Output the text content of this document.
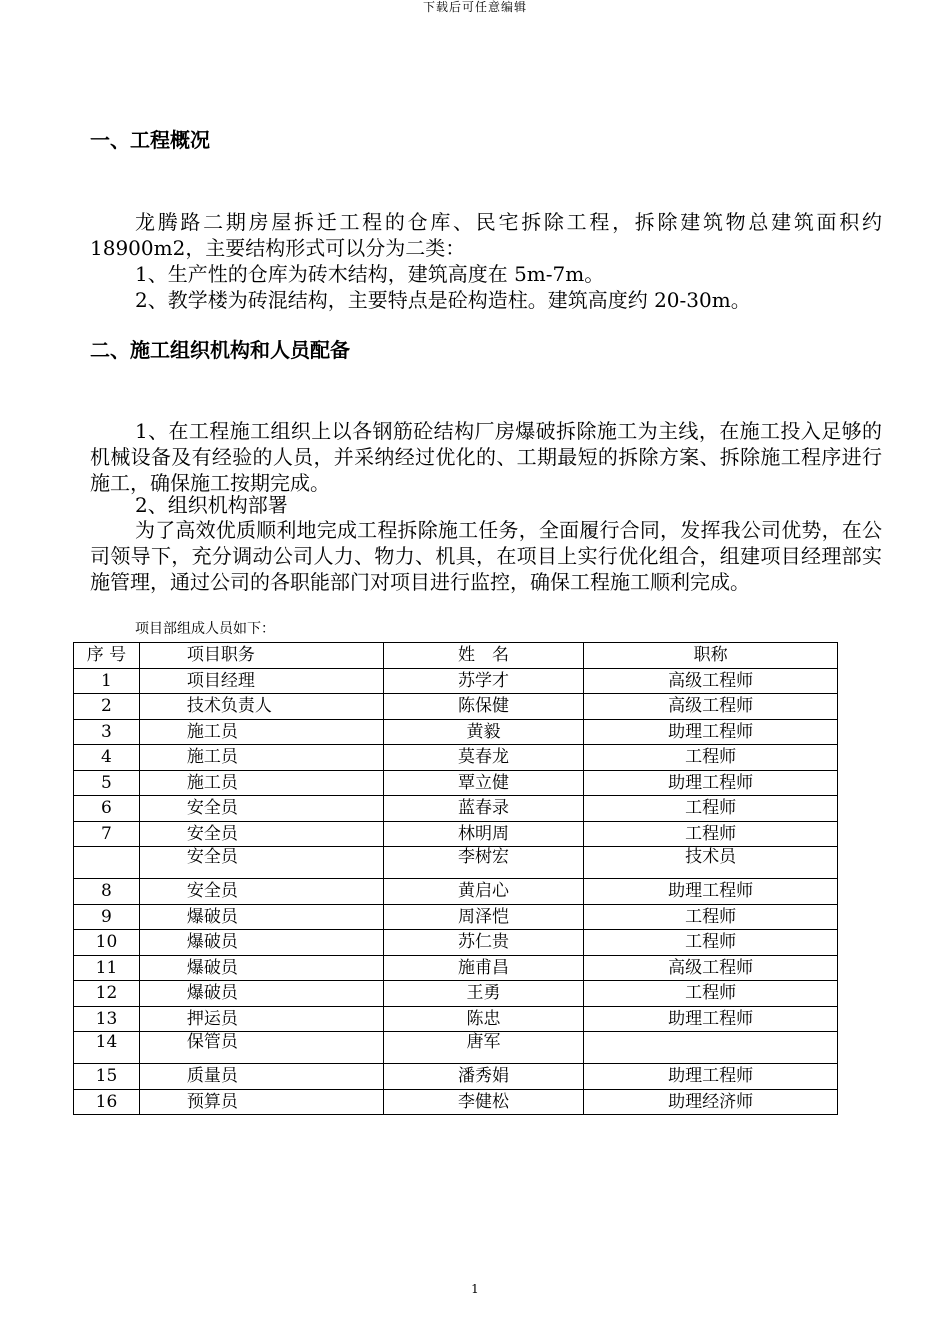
下载后可任意编辑
一、工程概况
龙腾路二期房屋拆迁工程的仓库、民宅拆除工程，拆除建筑物总建筑面积约18900m2，主要结构形式可以分为二类：
1、生产性的仓库为砖木结构，建筑高度在 5m-7m。
2、教学楼为砖混结构，主要特点是砼构造柱。建筑高度约 20-30m。
二、施工组织机构和人员配备
1、在工程施工组织上以各钢筋砼结构厂房爆破拆除施工为主线，在施工投入足够的机械设备及有经验的人员，并采纳经过优化的、工期最短的拆除方案、拆除施工程序进行施工，确保施工按期完成。
2、组织机构部署
为了高效优质顺利地完成工程拆除施工任务，全面履行合同，发挥我公司优势，在公司领导下，充分调动公司人力、物力、机具，在项目上实行优化组合，组建项目经理部实施管理，通过公司的各职能部门对项目进行监控，确保工程施工顺利完成。
项目部组成人员如下：
序 号	项目职务	姓　名	职称
1	项目经理	苏学才	高级工程师
2	技术负责人	陈保健	高级工程师
3	施工员	黄毅	助理工程师
4	施工员	莫春龙	工程师
5	施工员	覃立健	助理工程师
6	安全员	蓝春录	工程师
7	安全员	林明周	工程师
	安全员	李树宏	技术员
8	安全员	黄启心	助理工程师
9	爆破员	周泽恺	工程师
10	爆破员	苏仁贵	工程师
11	爆破员	施甫昌	高级工程师
12	爆破员	王勇	工程师
13	押运员	陈忠	助理工程师
14	保管员	唐军	
15	质量员	潘秀娟	助理工程师
16	预算员	李健松	助理经济师
1
